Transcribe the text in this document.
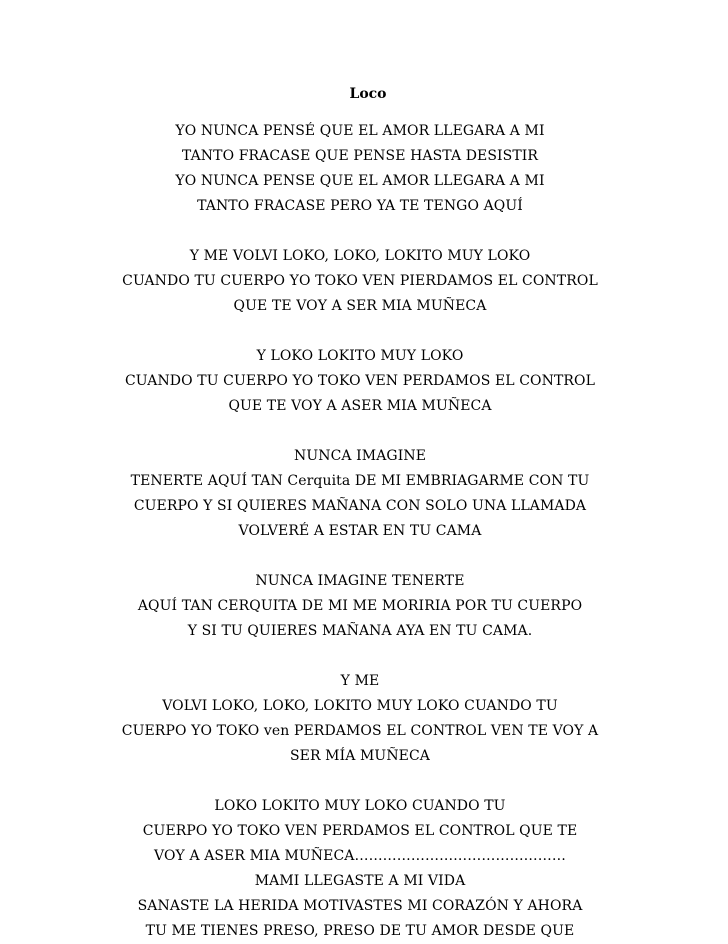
Loco
YO NUNCA PENSÉ QUE EL AMOR LLEGARA A MI
TANTO FRACASE QUE PENSE HASTA DESISTIR
YO NUNCA PENSE QUE EL AMOR LLEGARA A MI
TANTO FRACASE PERO YA TE TENGO AQUÍ
Y ME VOLVI LOKO, LOKO, LOKITO MUY LOKO
CUANDO TU CUERPO YO TOKO VEN PIERDAMOS EL CONTROL
QUE TE VOY A SER MIA MUÑECA
Y LOKO LOKITO MUY LOKO
CUANDO TU CUERPO YO TOKO VEN PERDAMOS EL CONTROL
QUE TE VOY A ASER MIA MUÑECA
NUNCA IMAGINE
TENERTE AQUÍ TAN Cerquita DE MI EMBRIAGARME CON TU
CUERPO Y SI QUIERES MAÑANA CON SOLO UNA LLAMADA
VOLVERÉ A ESTAR EN TU CAMA
NUNCA IMAGINE TENERTE
AQUÍ TAN CERQUITA DE MI ME MORIRIA POR TU CUERPO
Y SI TU QUIERES MAÑANA AYA EN TU CAMA.
Y ME
VOLVI LOKO, LOKO, LOKITO MUY LOKO CUANDO TU
CUERPO YO TOKO ven PERDAMOS EL CONTROL VEN TE VOY A
SER MÍA MUÑECA
LOKO LOKITO MUY LOKO CUANDO TU
CUERPO YO TOKO VEN PERDAMOS EL CONTROL QUE TE
VOY A ASER MIA MUÑECA………………………………………
MAMI LLEGASTE A MI VIDA
SANASTE LA HERIDA MOTIVASTES MI CORAZÓN Y AHORA
TU ME TIENES PRESO, PRESO DE TU AMOR DESDE QUE
